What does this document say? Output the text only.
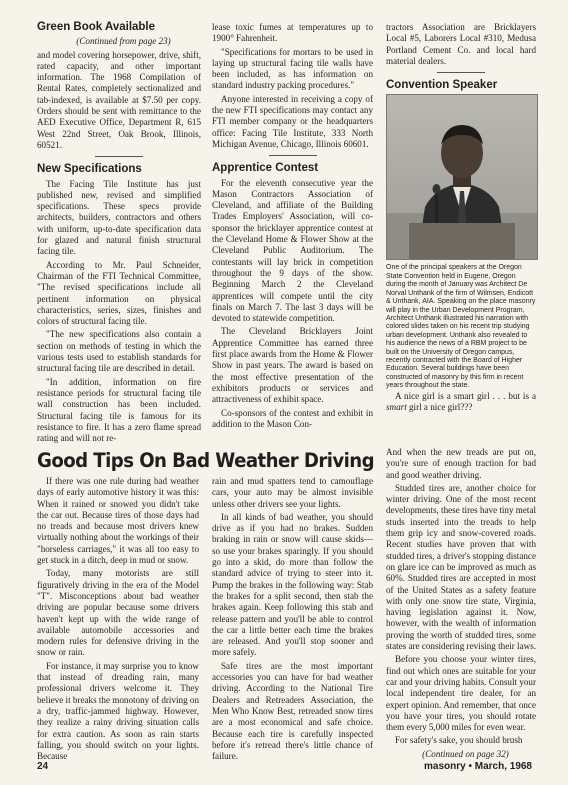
Green Book Available

(Continued from page 23)

and model covering horsepower, drive, shift, rated capacity, and other important information. The 1968 Compilation of Rental Rates, completely sectionalized and tab-indexed, is available at $7.50 per copy. Orders should be sent with remittance to the AED Executive Office, Department R, 615 West 22nd Street, Oak Brook, Illinois, 60521.

New Specifications

The Facing Tile Institute has just published new, revised and simplified specifications. These specs provide architects, builders, contractors and others with uniform, up-to-date specification data for glazed and natural finish structural facing tile.

According to Mr. Paul Schneider, Chairman of the FTI Technical Committee, "The revised specifications include all pertinent information on physical characteristics, series, sizes, finishes and colors of structural facing tile.

"The new specifications also contain a section on methods of testing in which the various tests used to establish standards for structural facing tile are described in detail.

"In addition, information on fire resistance periods for structural facing tile wall construction has been included. Structural facing tile is famous for its resistance to fire. It has a zero flame spread rating and will not re-

lease toxic fumes at temperatures up to 1900° Fahrenheit.

"Specifications for mortars to be used in laying up structural facing tile walls have been included, as has information on standard industry packing procedures."

Anyone interested in receiving a copy of the new FTI specifications may contact any FTI member company or the headquarters office: Facing Tile Institute, 333 North Michigan Avenue, Chicago, Illinois 60601.

Apprentice Contest

For the eleventh consecutive year the Mason Contractors Association of Cleveland, and affiliate of the Building Trades Employers' Association, will co-sponsor the bricklayer apprentice contest at the Cleveland Home & Flower Show at the Cleveland Public Auditorium. The contestants will lay brick in competition throughout the 9 days of the show. Beginning March 2 the Cleveland apprentices will compete until the city finals on March 7. The last 3 days will be devoted to statewide competition.

The Cleveland Bricklayers Joint Apprentice Committee has earned three first place awards from the Home & Flower Show in past years. The award is based on the most effective presentation of the exhibitors products or services and attractiveness of exhibit space.

Co-sponsors of the contest and exhibit in addition to the Mason Con-

tractors Association are Bricklayers Local #5, Laborers Local #310, Medusa Portland Cement Co. and local hard material dealers.

Convention Speaker
One of the principal speakers at the Oregon State Convention held in Eugene, Oregon during the month of January was Architect De Norval Unthank of the firm of Wilmsen, Endicott & Unthank, AIA. Speaking on the place masonry will play in the Urban Development Program, Architect Unthank illustrated his narration with colored slides taken on his recent trip studying urban development. Unthank also revealed to his audience the news of a RBM project to be built on the University of Oregon campus, recently contracted with the Board of Higher Education. Several buildings have been constructed of masonry by this firm in recent years throughout the state.

A nice girl is a smart girl . . . but is a smart girl a nice girl???

Good Tips On Bad Weather Driving

If there was one rule during bad weather days of early automotive history it was this: When it rained or snowed you didn't take the car out. Because tires of those days had no treads and because most drivers knew virtually nothing about the workings of their "horseless carriages," it was all too easy to get stuck in a ditch, deep in mud or snow.

Today, many motorists are still figuratively driving in the era of the Model "T". Misconceptions about bad weather driving are popular because some drivers haven't kept up with the wide range of available automobile accessories and modern rules for defensive driving in the snow or rain.

For instance, it may surprise you to know that instead of dreading rain, many professional drivers welcome it. They believe it breaks the monotony of driving on a dry, traffic-jammed highway. However, they realize a rainy driving situation calls for extra caution. As soon as rain starts falling, you should switch on your lights. Because

rain and mud spatters tend to camouflage cars, your auto may be almost invisible unless other drivers see your lights.

In all kinds of bad weather, you should drive as if you had no brakes. Sudden braking in rain or snow will cause skids—so use your brakes sparingly. If you should go into a skid, do more than follow the standard advice of trying to steer into it. Pump the brakes in the following way: Stab the brakes for a split second, then stab the brakes again. Keep following this stab and release pattern and you'll be able to control the car a little better each time the brakes are released. And you'll stop sooner and more safely.

Safe tires are the most important accessories you can have for bad weather driving. According to the National Tire Dealers and Retreaders Association, the Men Who Know Best, retreaded snow tires are a most economical and safe choice. Because each tire is carefully inspected before it's retread there's little chance of failure.

And when the new treads are put on, you're sure of enough traction for bad and good weather driving.

Studded tires are, another choice for winter driving. One of the most recent developments, these tires have tiny metal studs inserted into the treads to help them grip icy and snow-covered roads. Recent studies have proven that with studded tires, a driver's stopping distance on glare ice can be improved as much as 60%. Studded tires are accepted in most of the United States as a safety feature with only one snow tire state, Virginia, having legislation against it. Now, however, with the wealth of information proving the worth of studded tires, some states are considering revising their laws.

Before you choose your winter tires, find out which ones are suitable for your car and your driving habits. Consult your local independent tire dealer, for an expert opinion. And remember, that once you have your tires, you should rotate them every 5,000 miles for even wear.

For safety's sake, you should brush

(Continued on page 32)

24	masonry • March, 1968
